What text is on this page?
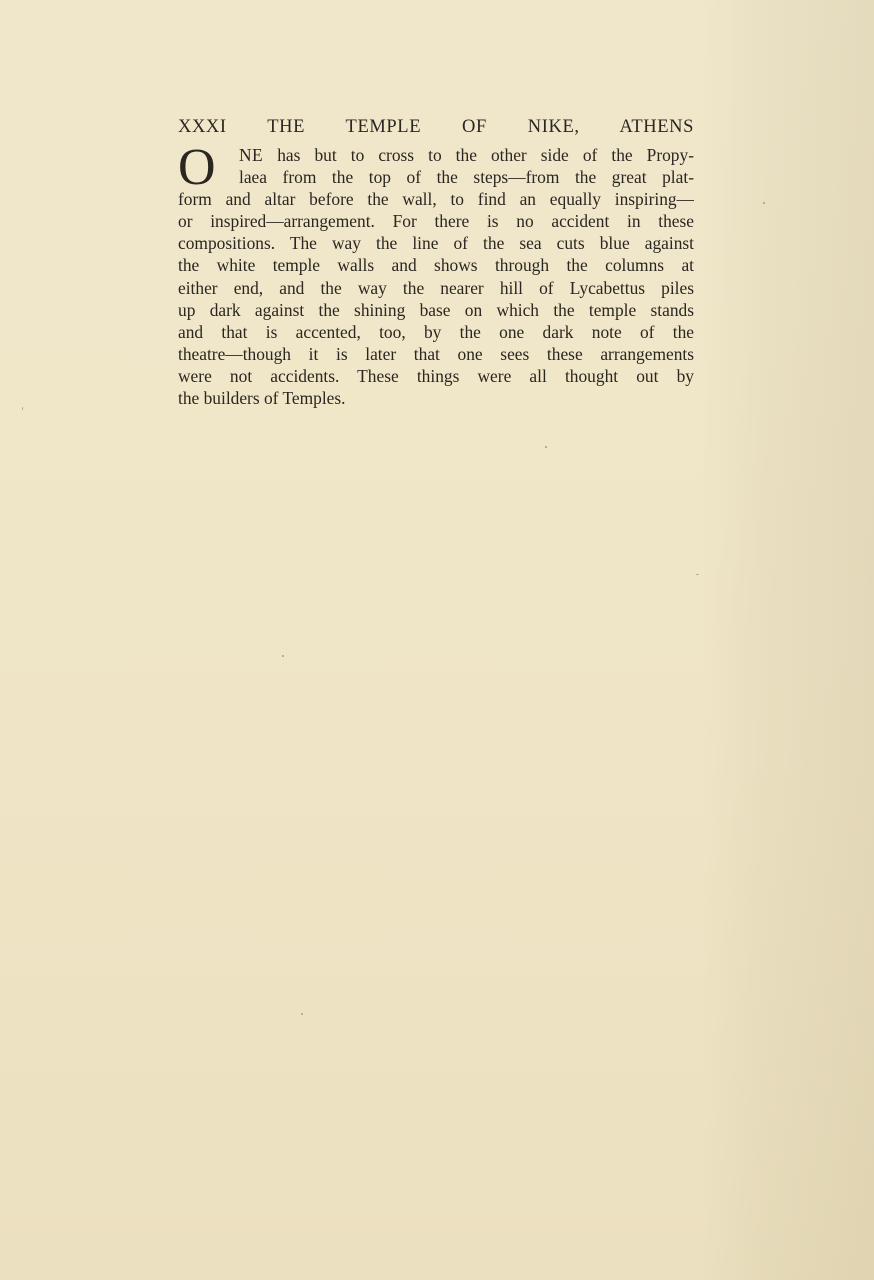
XXXI THE TEMPLE OF NIKE, ATHENS
O	NE has but to cross to the other side of the Propy-
laea from the top of the steps—from the great plat-
form and altar before the wall, to find an equally inspiring—
or inspired—arrangement. For there is no accident in these
compositions. The way the line of the sea cuts blue against
the white temple walls and shows through the columns at
either end, and the way the nearer hill of Lycabettus piles
up dark against the shining base on which the temple stands
and that is accented, too, by the one dark note of the
theatre—though it is later that one sees these arrangements
were not accidents. These things were all thought out by
the builders of Temples.
